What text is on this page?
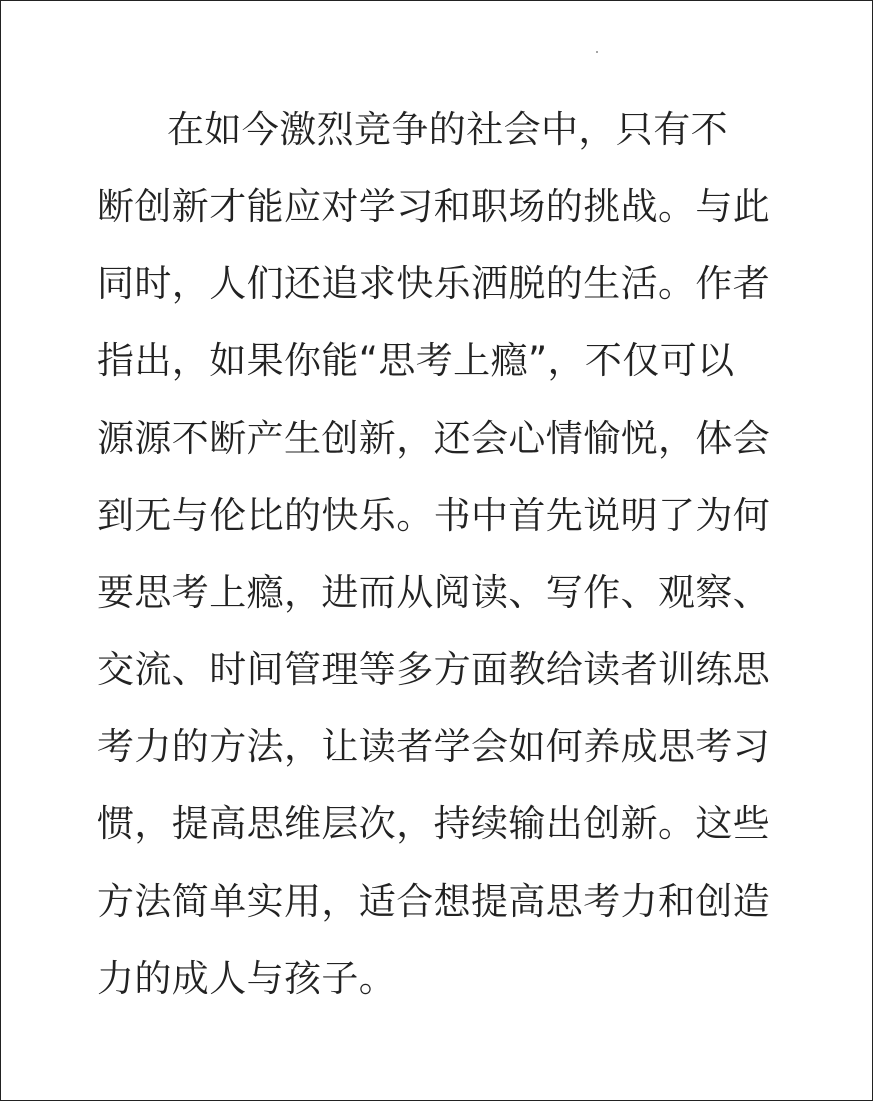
在如今激烈竞争的社会中，只有不
断创新才能应对学习和职场的挑战。与此
同时，人们还追求快乐洒脱的生活。作者
指出，如果你能“思考上瘾”，不仅可以
源源不断产生创新，还会心情愉悦，体会
到无与伦比的快乐。书中首先说明了为何
要思考上瘾，进而从阅读、写作、观察、
交流、时间管理等多方面教给读者训练思
考力的方法，让读者学会如何养成思考习
惯，提高思维层次，持续输出创新。这些
方法简单实用，适合想提高思考力和创造
力的成人与孩子。
